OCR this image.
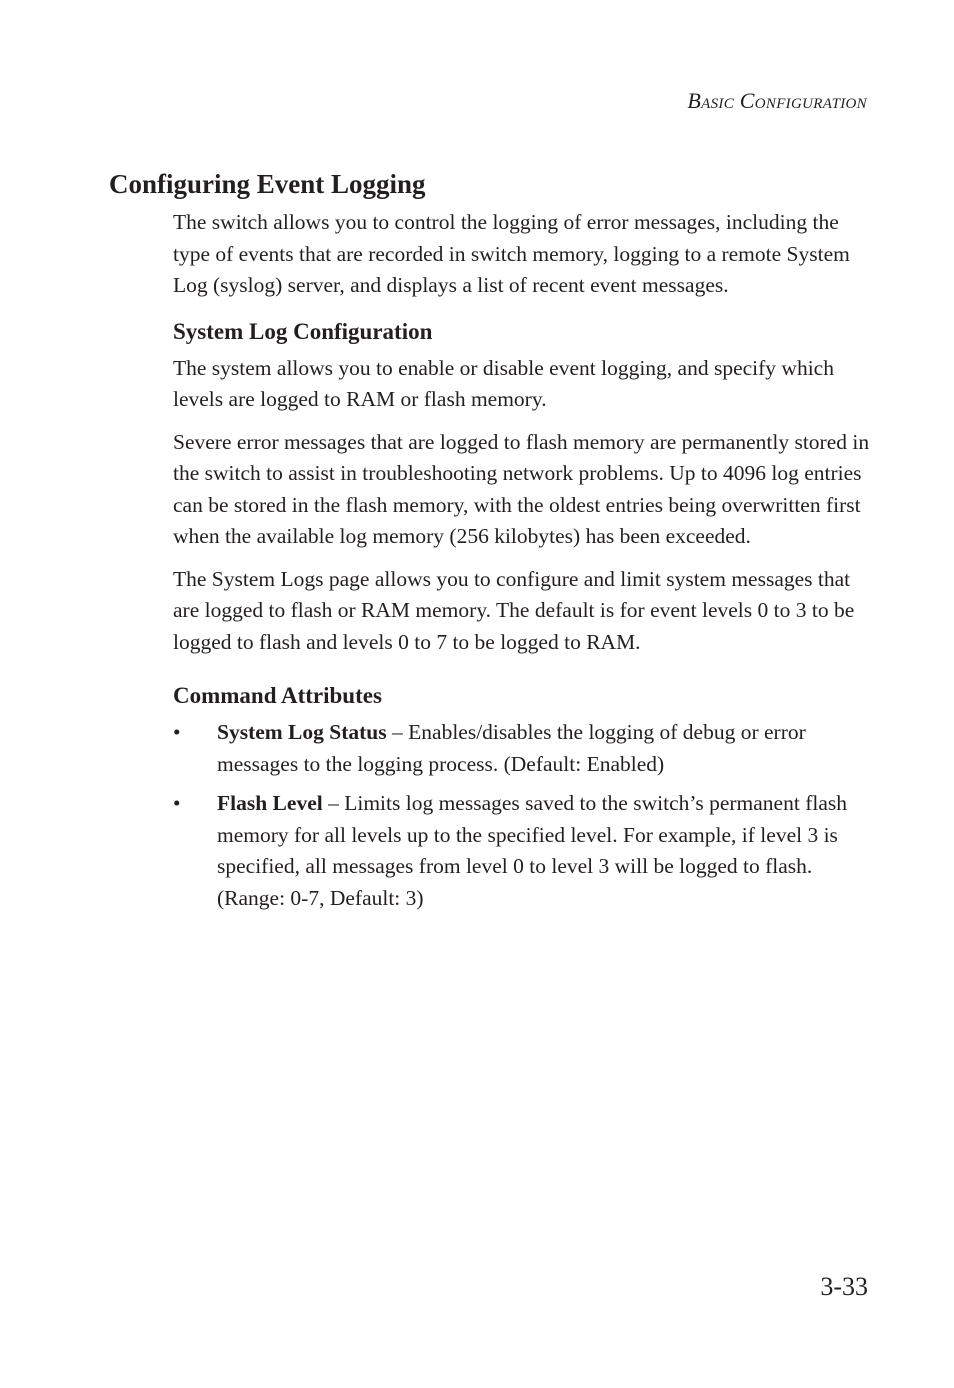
Basic Configuration
Configuring Event Logging

The switch allows you to control the logging of error messages, including the type of events that are recorded in switch memory, logging to a remote System Log (syslog) server, and displays a list of recent event messages.

System Log Configuration

The system allows you to enable or disable event logging, and specify which levels are logged to RAM or flash memory.

Severe error messages that are logged to flash memory are permanently stored in the switch to assist in troubleshooting network problems. Up to 4096 log entries can be stored in the flash memory, with the oldest entries being overwritten first when the available log memory (256 kilobytes) has been exceeded.

The System Logs page allows you to configure and limit system messages that are logged to flash or RAM memory. The default is for event levels 0 to 3 to be logged to flash and levels 0 to 7 to be logged to RAM.

Command Attributes
• System Log Status – Enables/disables the logging of debug or error messages to the logging process. (Default: Enabled)
• Flash Level – Limits log messages saved to the switch’s permanent flash memory for all levels up to the specified level. For example, if level 3 is specified, all messages from level 0 to level 3 will be logged to flash. (Range: 0-7, Default: 3)
3-33
